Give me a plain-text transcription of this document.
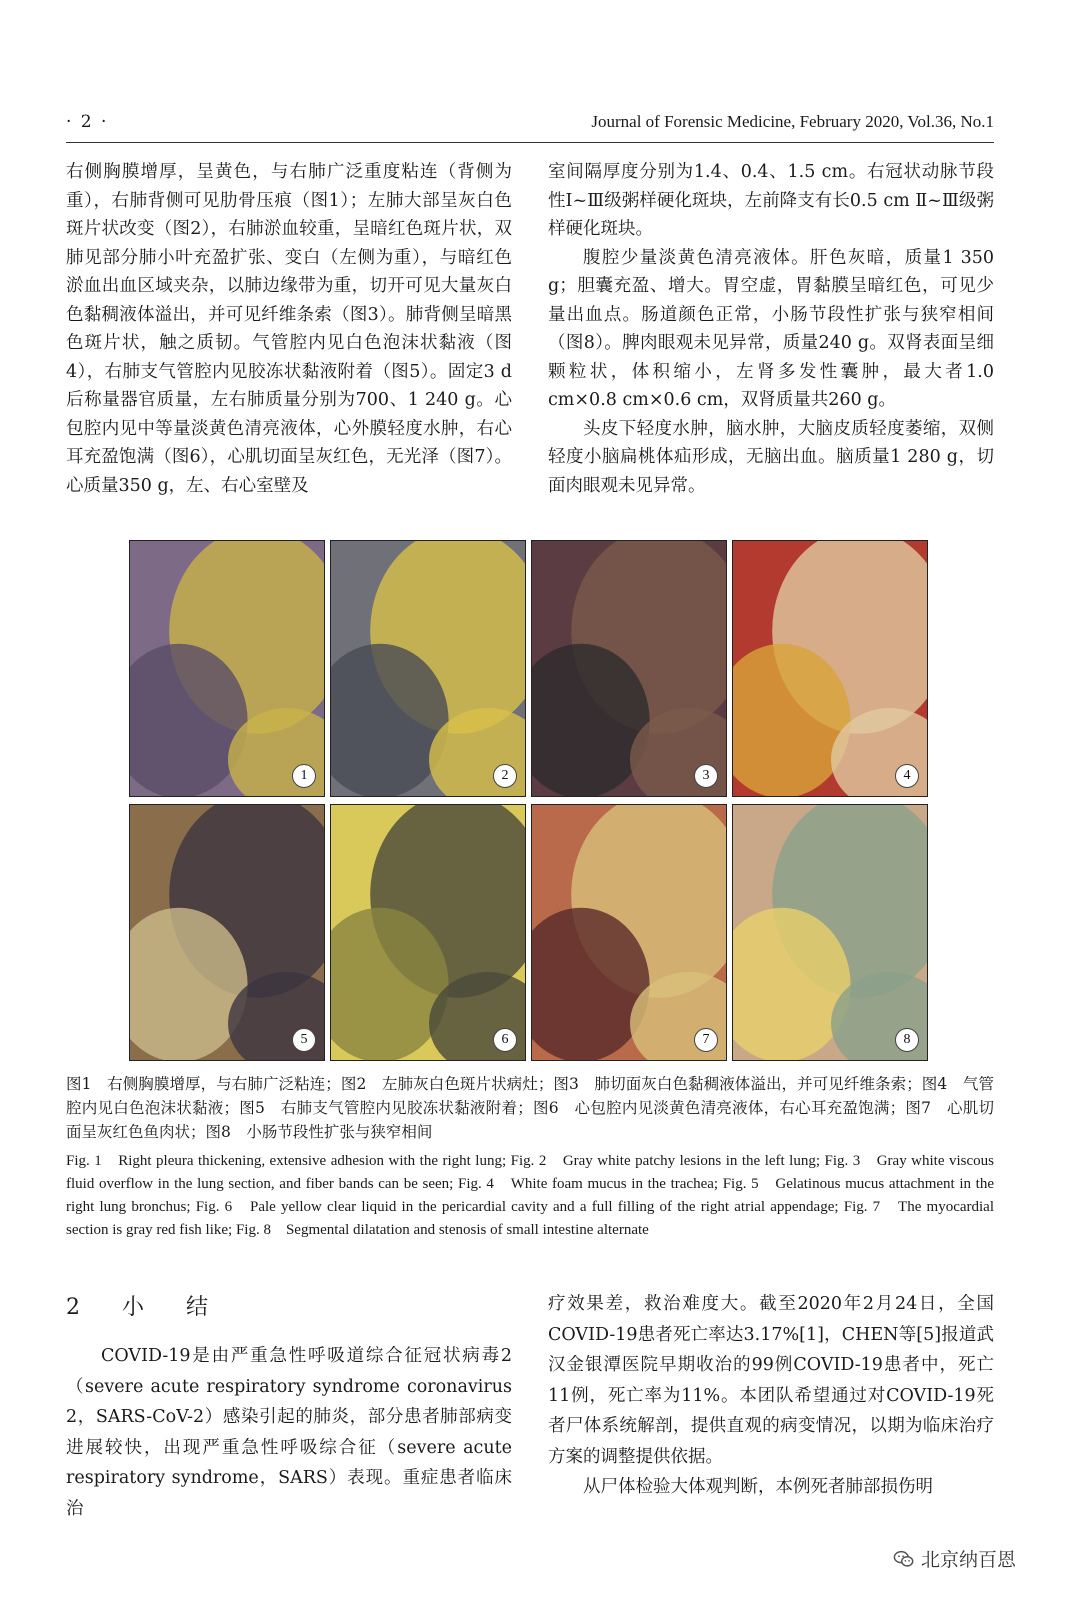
· 2 ·	Journal of Forensic Medicine, February 2020, Vol.36, No.1

右侧胸膜增厚，呈黄色，与右肺广泛重度粘连（背侧为重），右肺背侧可见肋骨压痕（图1）；左肺大部呈灰白色斑片状改变（图2），右肺淤血较重，呈暗红色斑片状，双肺见部分肺小叶充盈扩张、变白（左侧为重），与暗红色淤血出血区域夹杂，以肺边缘带为重，切开可见大量灰白色黏稠液体溢出，并可见纤维条索（图3）。肺背侧呈暗黑色斑片状，触之质韧。气管腔内见白色泡沫状黏液（图4），右肺支气管腔内见胶冻状黏液附着（图5）。固定3 d后称量器官质量，左右肺质量分别为700、1 240 g。心包腔内见中等量淡黄色清亮液体，心外膜轻度水肿，右心耳充盈饱满（图6），心肌切面呈灰红色，无光泽（图7）。心质量350 g，左、右心室壁及

室间隔厚度分别为1.4、0.4、1.5 cm。右冠状动脉节段性Ⅰ~Ⅲ级粥样硬化斑块，左前降支有长0.5 cm Ⅱ~Ⅲ级粥样硬化斑块。

腹腔少量淡黄色清亮液体。肝色灰暗，质量1 350 g；胆囊充盈、增大。胃空虚，胃黏膜呈暗红色，可见少量出血点。肠道颜色正常，小肠节段性扩张与狭窄相间（图8）。脾肉眼观未见异常，质量240 g。双肾表面呈细颗粒状，体积缩小，左肾多发性囊肿，最大者1.0 cm×0.8 cm×0.6 cm，双肾质量共260 g。

头皮下轻度水肿，脑水肿，大脑皮质轻度萎缩，双侧轻度小脑扁桃体疝形成，无脑出血。脑质量1 280 g，切面肉眼观未见异常。

1	2	3	4
5	6	7	8
图1　右侧胸膜增厚，与右肺广泛粘连；图2　左肺灰白色斑片状病灶；图3　肺切面灰白色黏稠液体溢出，并可见纤维条索；图4　气管腔内见白色泡沫状黏液；图5　右肺支气管腔内见胶冻状黏液附着；图6　心包腔内见淡黄色清亮液体，右心耳充盈饱满；图7　心肌切面呈灰红色鱼肉状；图8　小肠节段性扩张与狭窄相间
Fig. 1　Right pleura thickening, extensive adhesion with the right lung; Fig. 2　Gray white patchy lesions in the left lung; Fig. 3　Gray white viscous fluid overflow in the lung section, and fiber bands can be seen; Fig. 4　White foam mucus in the trachea; Fig. 5　Gelatinous mucus attachment in the right lung bronchus; Fig. 6　Pale yellow clear liquid in the pericardial cavity and a full filling of the right atrial appendage; Fig. 7　The myocardial section is gray red fish like; Fig. 8　Segmental dilatation and stenosis of small intestine alternate
2　小　结

COVID-19是由严重急性呼吸道综合征冠状病毒2（severe acute respiratory syndrome coronavirus 2，SARS-CoV-2）感染引起的肺炎，部分患者肺部病变进展较快，出现严重急性呼吸综合征（severe acute respiratory syndrome，SARS）表现。重症患者临床治

疗效果差，救治难度大。截至2020年2月24日，全国COVID-19患者死亡率达3.17%[1]，CHEN等[5]报道武汉金银潭医院早期收治的99例COVID-19患者中，死亡11例，死亡率为11%。本团队希望通过对COVID-19死者尸体系统解剖，提供直观的病变情况，以期为临床治疗方案的调整提供依据。

从尸体检验大体观判断，本例死者肺部损伤明

北京纳百恩
